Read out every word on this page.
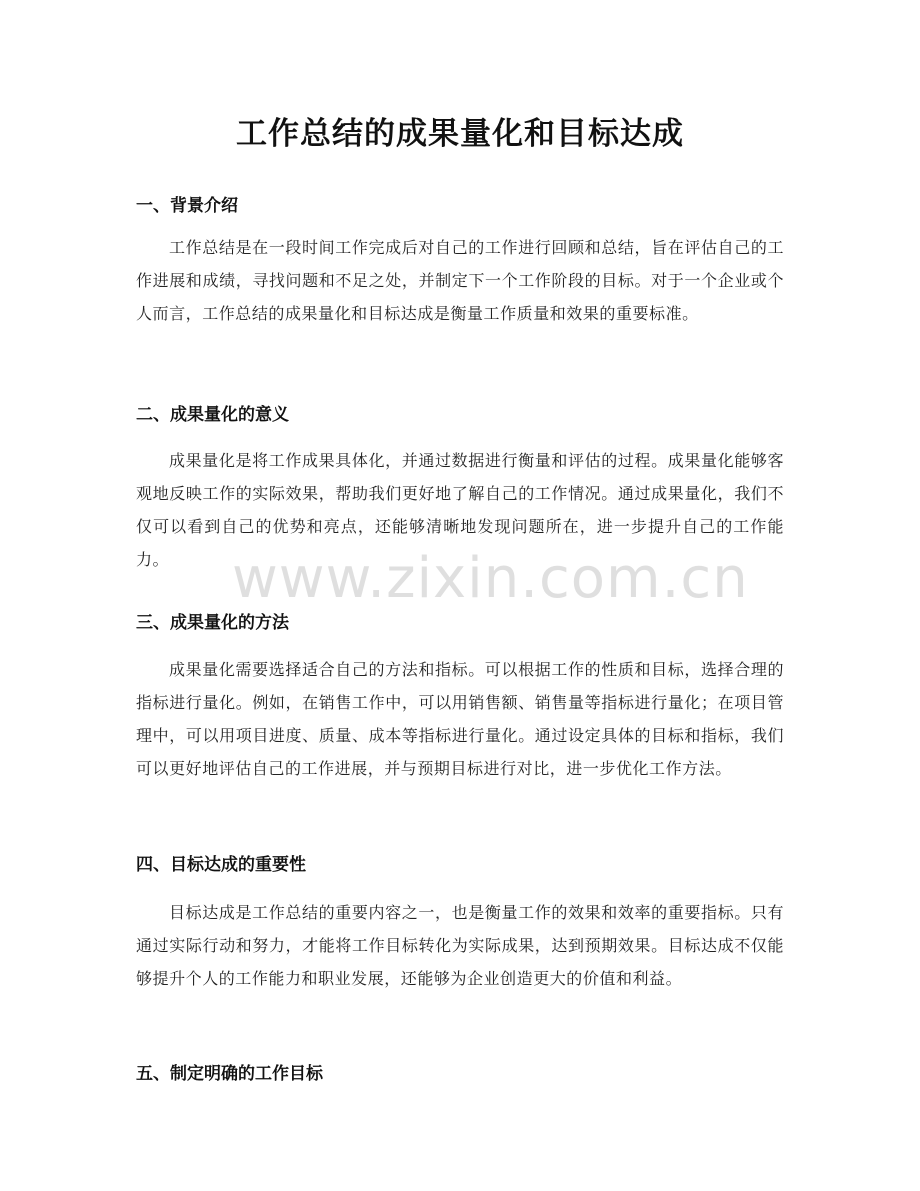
工作总结的成果量化和目标达成
一、背景介绍

工作总结是在一段时间工作完成后对自己的工作进行回顾和总结，旨在评估自己的工作进展和成绩，寻找问题和不足之处，并制定下一个工作阶段的目标。对于一个企业或个人而言，工作总结的成果量化和目标达成是衡量工作质量和效果的重要标准。

二、成果量化的意义

成果量化是将工作成果具体化，并通过数据进行衡量和评估的过程。成果量化能够客观地反映工作的实际效果，帮助我们更好地了解自己的工作情况。通过成果量化，我们不仅可以看到自己的优势和亮点，还能够清晰地发现问题所在，进一步提升自己的工作能力。

三、成果量化的方法

成果量化需要选择适合自己的方法和指标。可以根据工作的性质和目标，选择合理的指标进行量化。例如，在销售工作中，可以用销售额、销售量等指标进行量化；在项目管理中，可以用项目进度、质量、成本等指标进行量化。通过设定具体的目标和指标，我们可以更好地评估自己的工作进展，并与预期目标进行对比，进一步优化工作方法。

四、目标达成的重要性

目标达成是工作总结的重要内容之一，也是衡量工作的效果和效率的重要指标。只有通过实际行动和努力，才能将工作目标转化为实际成果，达到预期效果。目标达成不仅能够提升个人的工作能力和职业发展，还能够为企业创造更大的价值和利益。

五、制定明确的工作目标
www.zixin.com.cn
